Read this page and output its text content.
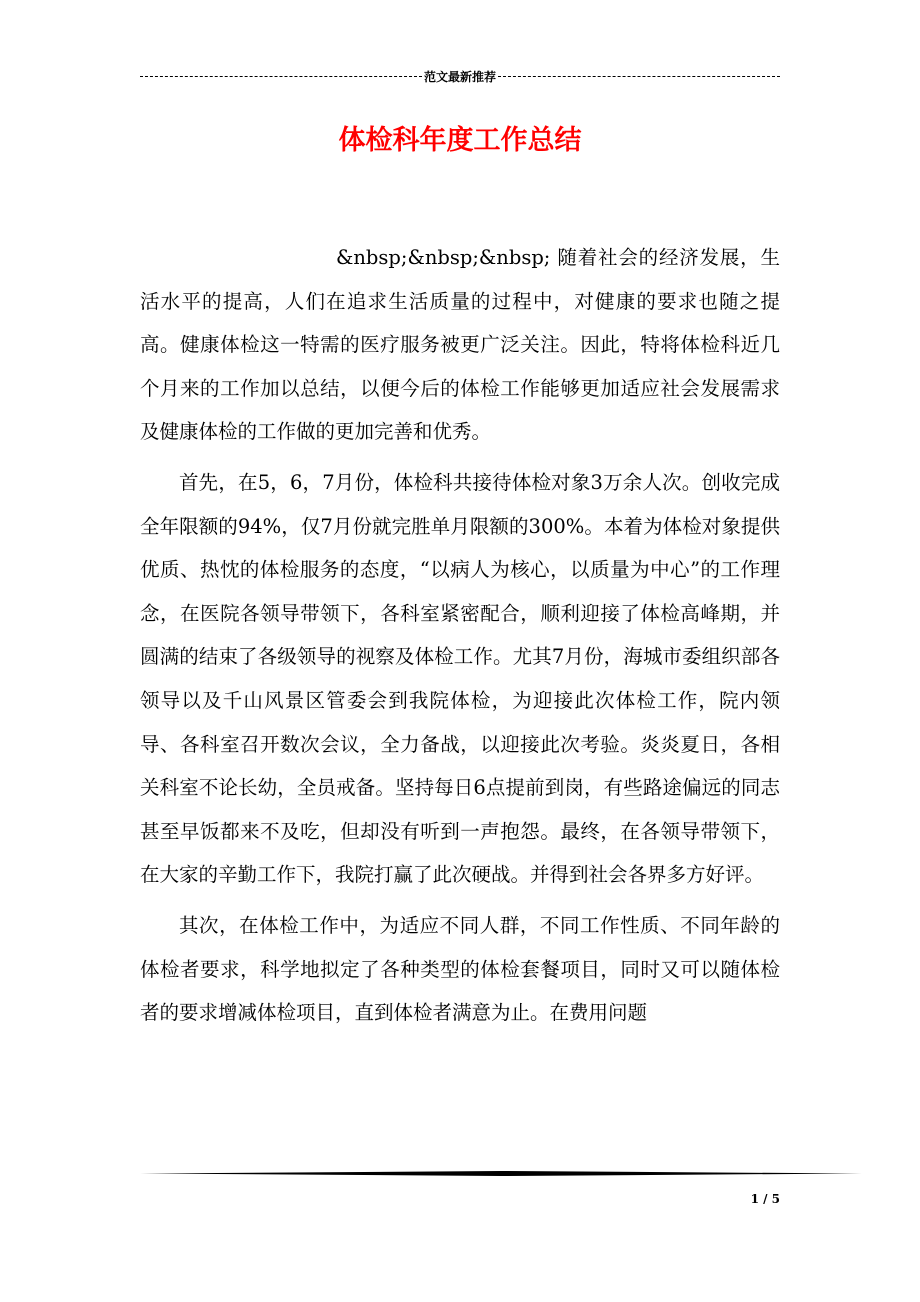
范文最新推荐
体检科年度工作总结

&nbsp;&nbsp;&nbsp; 随着社会的经济发展，生活水平的提高，人们在追求生活质量的过程中，对健康的要求也随之提高。健康体检这一特需的医疗服务被更广泛关注。因此，特将体检科近几个月来的工作加以总结，以便今后的体检工作能够更加适应社会发展需求及健康体检的工作做的更加完善和优秀。

首先，在5，6，7月份，体检科共接待体检对象3万余人次。创收完成全年限额的94%，仅7月份就完胜单月限额的300%。本着为体检对象提供优质、热忱的体检服务的态度，“以病人为核心，以质量为中心”的工作理念，在医院各领导带领下，各科室紧密配合，顺利迎接了体检高峰期，并圆满的结束了各级领导的视察及体检工作。尤其7月份，海城市委组织部各领导以及千山风景区管委会到我院体检，为迎接此次体检工作，院内领导、各科室召开数次会议，全力备战，以迎接此次考验。炎炎夏日，各相关科室不论长幼，全员戒备。坚持每日6点提前到岗，有些路途偏远的同志甚至早饭都来不及吃，但却没有听到一声抱怨。最终，在各领导带领下，在大家的辛勤工作下，我院打赢了此次硬战。并得到社会各界多方好评。

其次，在体检工作中，为适应不同人群，不同工作性质、不同年龄的体检者要求，科学地拟定了各种类型的体检套餐项目，同时又可以随体检者的要求增减体检项目，直到体检者满意为止。在费用问题

1 / 5
